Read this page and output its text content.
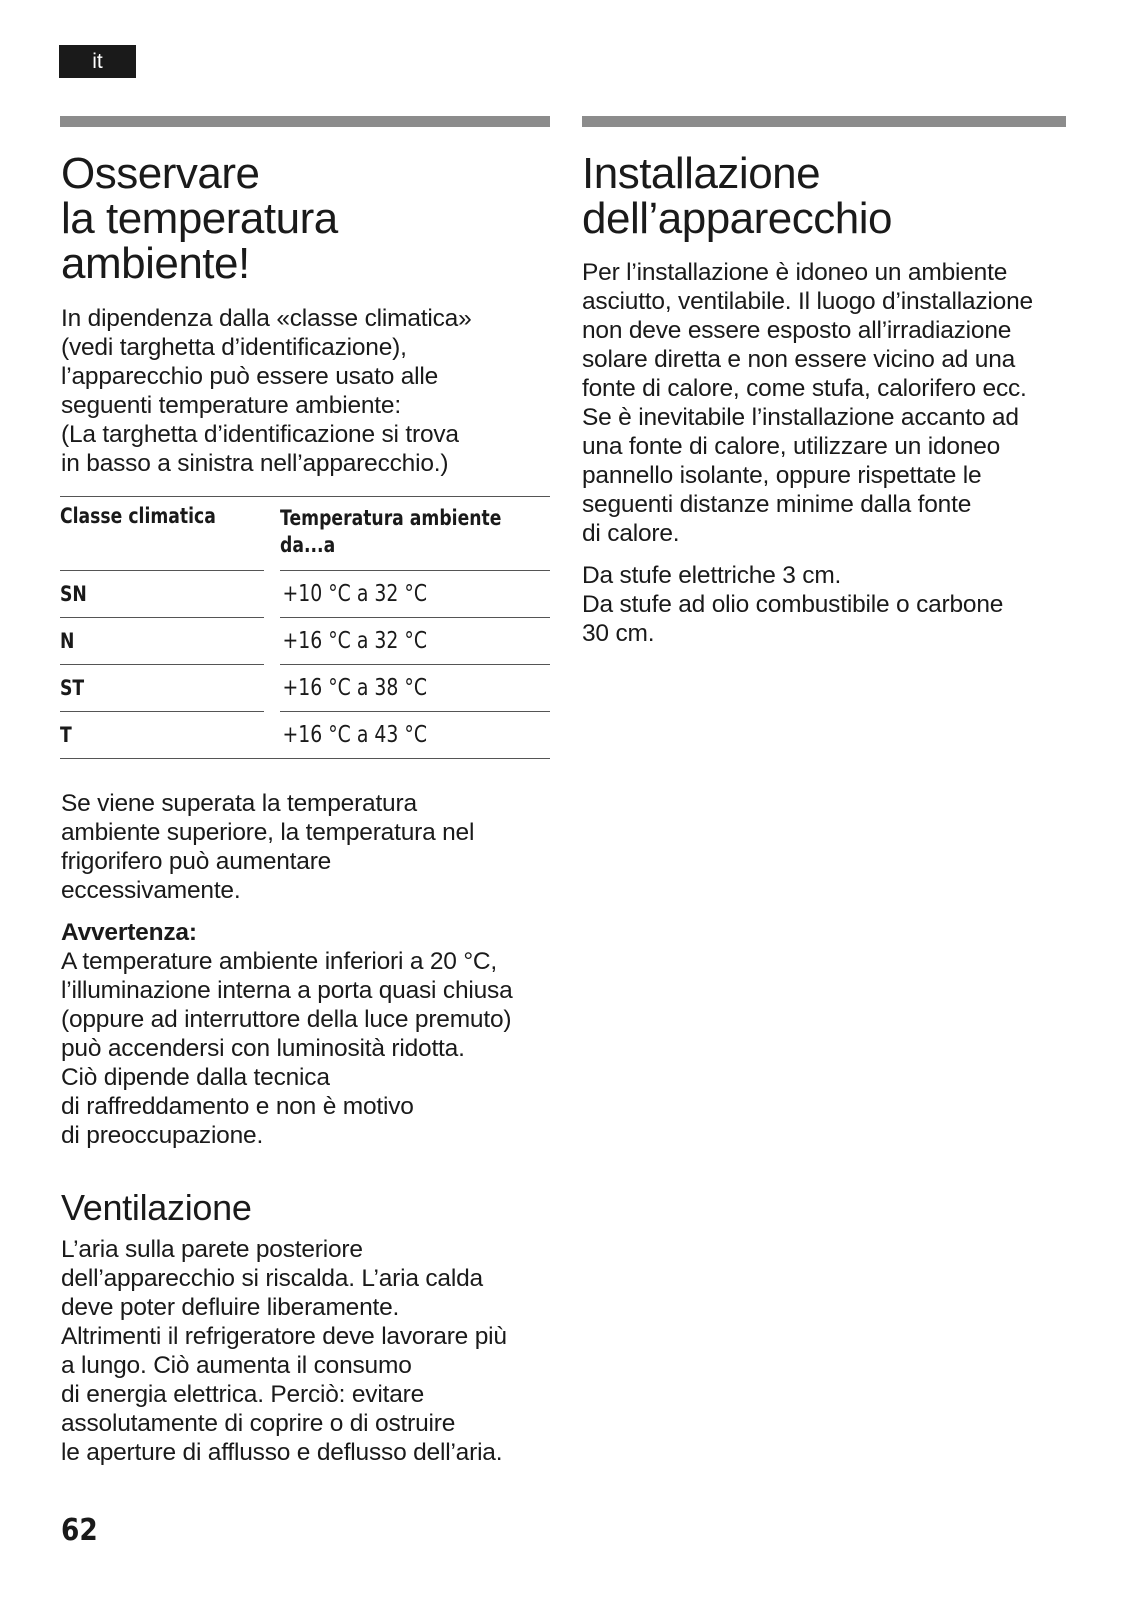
it
Osservare
la temperatura
ambiente!
In dipendenza dalla «classe climatica»
(vedi targhetta d’identificazione),
l’apparecchio può essere usato alle
seguenti temperature ambiente:
(La targhetta d’identificazione si trova
in basso a sinistra nell’apparecchio.)
Classe climatica		Temperatura ambiente
da...a

SN		+10 °C a 32 °C

N		+16 °C a 32 °C

ST		+16 °C a 38 °C

T		+16 °C a 43 °C

Se viene superata la temperatura
ambiente superiore, la temperatura nel
frigorifero può aumentare
eccessivamente.
Avvertenza:
A temperature ambiente inferiori a 20 °C,
l’illuminazione interna a porta quasi chiusa
(oppure ad interruttore della luce premuto)
può accendersi con luminosità ridotta.
Ciò dipende dalla tecnica
di raffreddamento e non è motivo
di preoccupazione.
Ventilazione
L’aria sulla parete posteriore
dell’apparecchio si riscalda. L’aria calda
deve poter defluire liberamente.
Altrimenti il refrigeratore deve lavorare più
a lungo. Ciò aumenta il consumo
di energia elettrica. Perciò: evitare
assolutamente di coprire o di ostruire
le aperture di afflusso e deflusso dell’aria.
Installazione
dell’apparecchio
Per l’installazione è idoneo un ambiente
asciutto, ventilabile. Il luogo d’installazione
non deve essere esposto all’irradiazione
solare diretta e non essere vicino ad una
fonte di calore, come stufa, calorifero ecc.
Se è inevitabile l’installazione accanto ad
una fonte di calore, utilizzare un idoneo
pannello isolante, oppure rispettate le
seguenti distanze minime dalla fonte
di calore.
Da stufe elettriche 3 cm.
Da stufe ad olio combustibile o carbone
30 cm.
62
